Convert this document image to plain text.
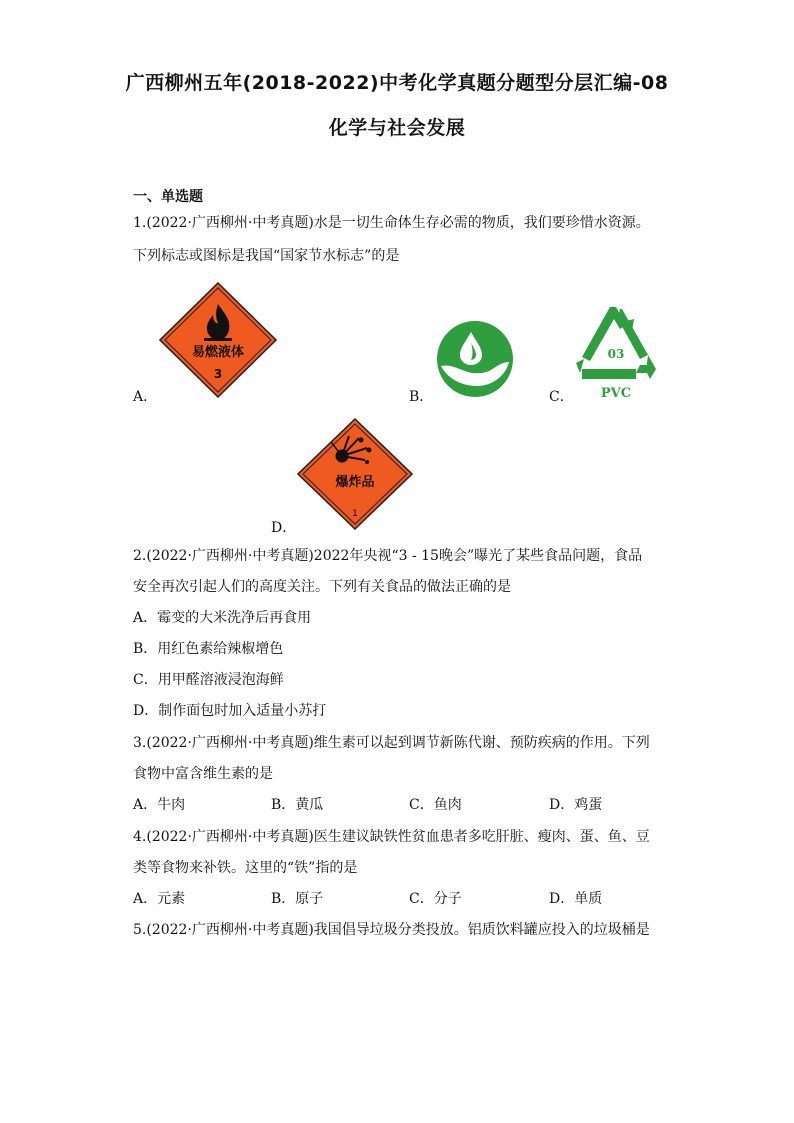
广西柳州五年(2018-2022)中考化学真题分题型分层汇编-08
化学与社会发展
一、单选题
1.(2022·广西柳州·中考真题)水是一切生命体生存必需的物质，我们要珍惜水资源。
下列标志或图标是我国“国家节水标志”的是
A．
易燃液体
3
B．	C．
03
PVC
D．
爆炸品
1
2.(2022·广西柳州·中考真题)2022年央视“3 - 15晚会”曝光了某些食品问题，食品
安全再次引起人们的高度关注。下列有关食品的做法正确的是
A．霉变的大米洗净后再食用
B．用红色素给辣椒增色
C．用甲醛溶液浸泡海鲜
D．制作面包时加入适量小苏打
3.(2022·广西柳州·中考真题)维生素可以起到调节新陈代谢、预防疾病的作用。下列
食物中富含维生素的是
A．牛肉	B．黄瓜	C．鱼肉	D．鸡蛋
4.(2022·广西柳州·中考真题)医生建议缺铁性贫血患者多吃肝脏、瘦肉、蛋、鱼、豆
类等食物来补铁。这里的“铁”指的是
A．元素	B．原子	C．分子	D．单质
5.(2022·广西柳州·中考真题)我国倡导垃圾分类投放。铝质饮料罐应投入的垃圾桶是
